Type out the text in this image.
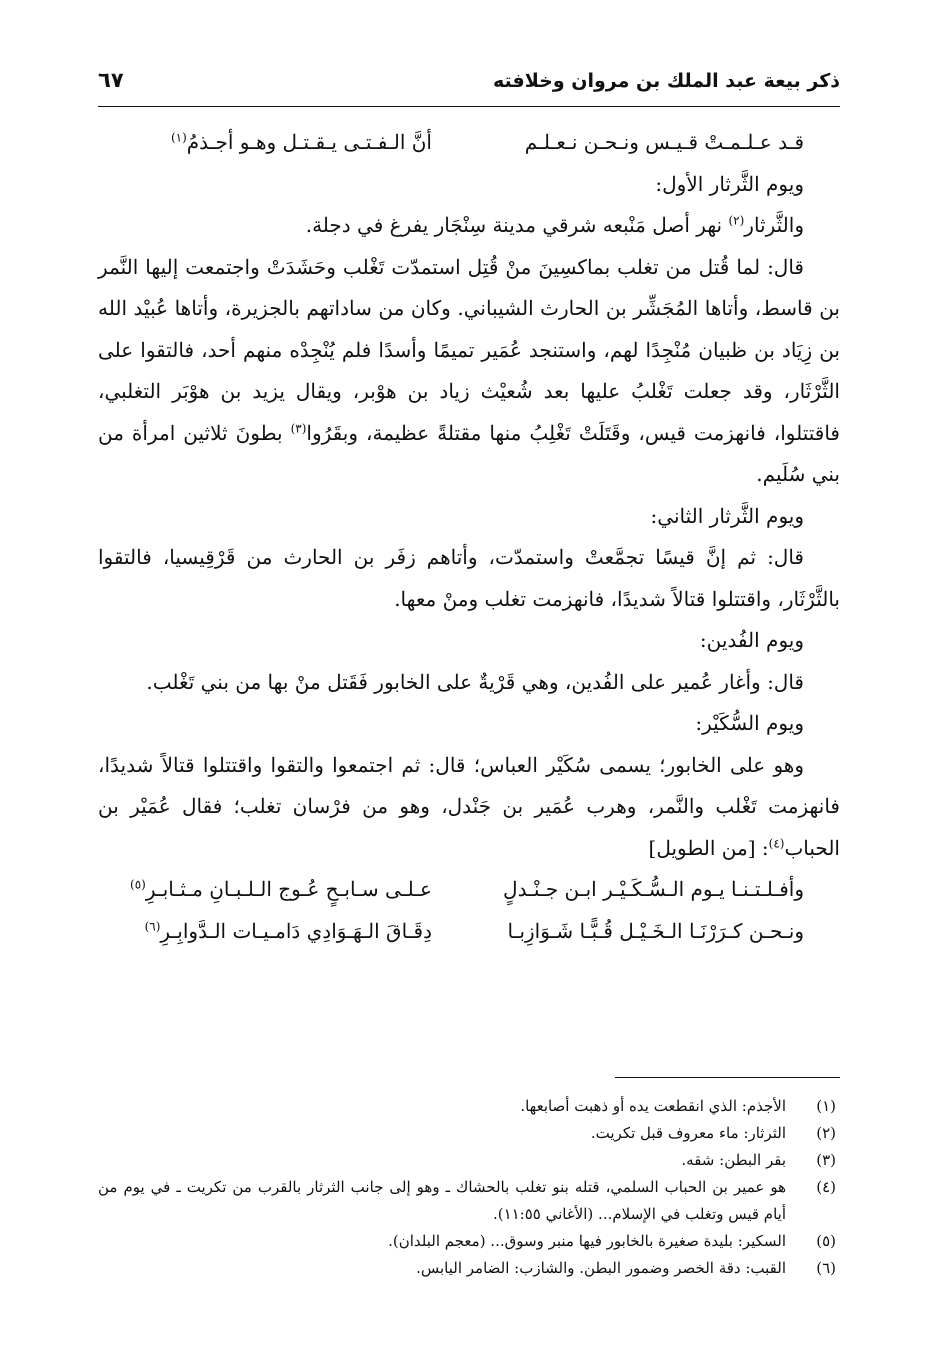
ذكر بيعة عبد الملك بن مروان وخلافته
٦٧
قـد عـلـمـتْ قـيـس ونـحـن نـعـلـم
أنَّ الـفـتـى يـقـتـل وهـو أجـذمُ$^{(١)}$
ويوم الثَّرثار الأول:

والثَّرثار$^{(٢)}$ نهر أصل مَنْبعه شرقي مدينة سِنْجَار يفرغ في دجلة.

قال: لما قُتل من تغلب بماكسِينَ منْ قُتِل استمدّت تَغْلب وحَشَدَتْ واجتمعت إليها النَّمر بن قاسط، وأتاها المُجَشِّر بن الحارث الشيباني. وكان من ساداتهم بالجزيرة، وأتاها عُبيْد الله بن زِيَاد بن ظبيان مُنْجِدًا لهم، واستنجد عُمَير تميمًا وأسدًا فلم يُنْجِدْه منهم أحد، فالتقوا على الثَّرْثَار، وقد جعلت تَغْلبُ عليها بعد شُعيْث زياد بن هوْبر، ويقال يزيد بن هوْبَر التغلبي، فاقتتلوا، فانهزمت قيس، وقَتَلَتْ تَغْلِبُ منها مقتلةً عظيمة، وبقَرُوا$^{(٣)}$ بطونَ ثلاثين امرأة من بني سُلَيم.

ويوم الثَّرثار الثاني:

قال: ثم إنَّ قيسًا تجمَّعتْ واستمدّت، وأتاهم زفَر بن الحارث من قَرْقِيسيا، فالتقوا بالثَّرْثَار، واقتتلوا قتالاً شديدًا، فانهزمت تغلب ومنْ معها.

ويوم الفُدين:

قال: وأغار عُمير على الفُدين، وهي قَرْيةٌ على الخابور فَقَتل منْ بها من بني تَغْلب.

ويوم السُّكَيْر:

وهو على الخابور؛ يسمى سُكَيْر العباس؛ قال: ثم اجتمعوا والتقوا واقتتلوا قتالاً شديدًا، فانهزمت تَغْلب والنَّمر، وهرب عُمَير بن جَنْدل، وهو من فرْسان تغلب؛ فقال عُمَيْر بن الحباب$^{(٤)}$: [من الطويل]

وأفـلـتـنـا يـوم الـسُّـكَـيْـر ابـن جـنْـدلٍ
عـلـى سـابـحٍ عُـوج الـلـبـانِ مـثـابـرِ$^{(٥)}$
ونـحـن كـرَرْنَـا الـخَـيْـل قُـبًّـا شَـوَازِبـا
دِقَـاقَ الـهَـوَادِي دَامـيـات الـدَّوابِـرِ$^{(٦)}$
(١)
الأجذم: الذي انقطعت يده أو ذهبت أصابعها.
(٢)
الثرثار: ماء معروف قبل تكريت.
(٣)
بقر البطن: شقه.
(٤)
هو عمير بن الحباب السلمي، قتله بنو تغلب بالحشاك ـ وهو إلى جانب الثرثار بالقرب من تكريت ـ في يوم من أيام قيس وتغلب في الإسلام... (الأغاني ١١:٥٥).
(٥)
السكير: بليدة صغيرة بالخابور فيها منبر وسوق... (معجم البلدان).
(٦)
القبب: دقة الخصر وضمور البطن. والشازب: الضامر اليابس.
